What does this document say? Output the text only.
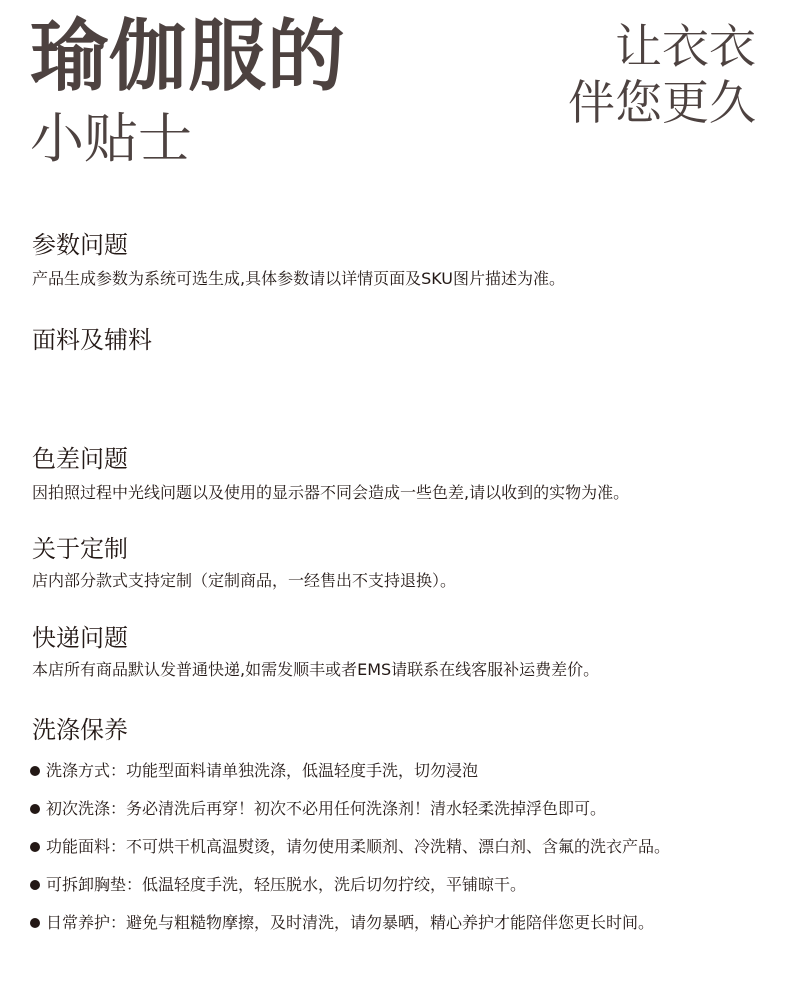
瑜伽服的
小贴士
让衣衣
伴您更久
参数问题
产品生成参数为系统可选生成,具体参数请以详情页面及SKU图片描述为准。
面料及辅料
色差问题
因拍照过程中光线问题以及使用的显示器不同会造成一些色差,请以收到的实物为准。
关于定制
店内部分款式支持定制（定制商品，一经售出不支持退换）。
快递问题
本店所有商品默认发普通快递,如需发顺丰或者EMS请联系在线客服补运费差价。
洗涤保养
洗涤方式：功能型面料请单独洗涤，低温轻度手洗，切勿浸泡
初次洗涤：务必清洗后再穿！初次不必用任何洗涤剂！清水轻柔洗掉浮色即可。
功能面料：不可烘干机高温熨烫，请勿使用柔顺剂、冷洗精、漂白剂、含氟的洗衣产品。
可拆卸胸垫：低温轻度手洗，轻压脱水，洗后切勿拧绞，平铺晾干。
日常养护：避免与粗糙物摩擦，及时清洗，请勿暴晒，精心养护才能陪伴您更长时间。
